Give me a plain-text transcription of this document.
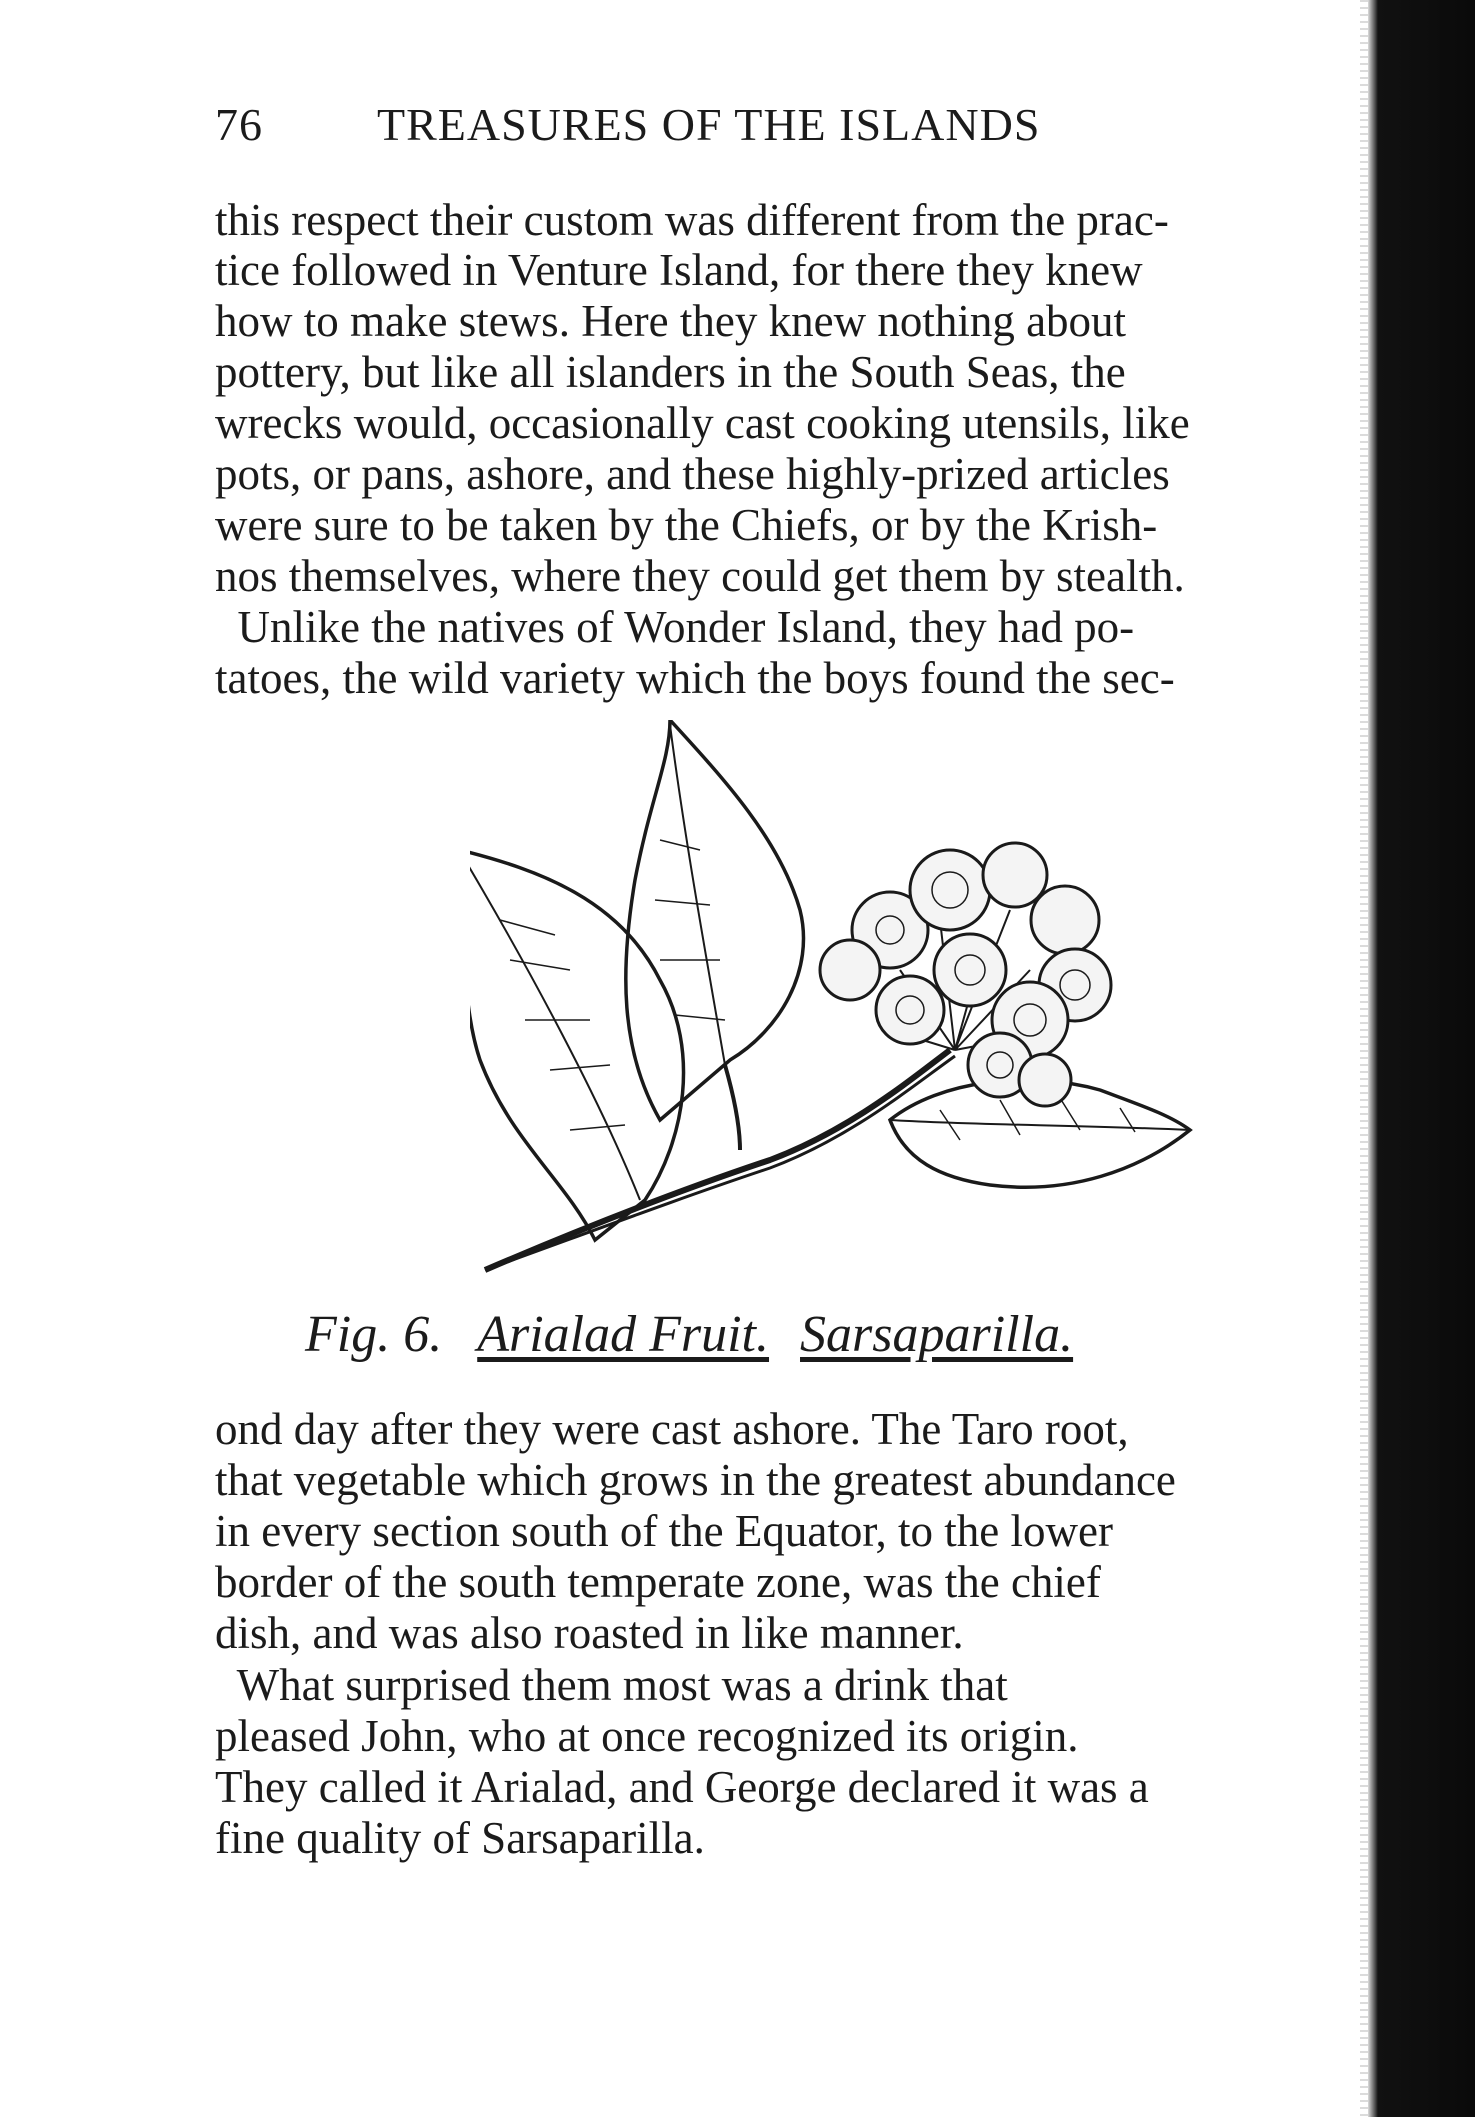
76 TREASURES OF THE ISLANDS
this respect their custom was different from the prac-
tice followed in Venture Island, for there they knew
how to make stews. Here they knew nothing about
pottery, but like all islanders in the South Seas, the
wrecks would, occasionally cast cooking utensils, like
pots, or pans, ashore, and these highly-prized articles
were sure to be taken by the Chiefs, or by the Krish-
nos themselves, where they could get them by stealth.
Unlike the natives of Wonder Island, they had po-
tatoes, the wild variety which the boys found the sec-
Fig. 6. Arialad Fruit. Sarsaparilla.
ond day after they were cast ashore. The Taro root,
that vegetable which grows in the greatest abundance
in every section south of the Equator, to the lower
border of the south temperate zone, was the chief
dish, and was also roasted in like manner.
What surprised them most was a drink that
pleased John, who at once recognized its origin.
They called it Arialad, and George declared it was a
fine quality of Sarsaparilla.
